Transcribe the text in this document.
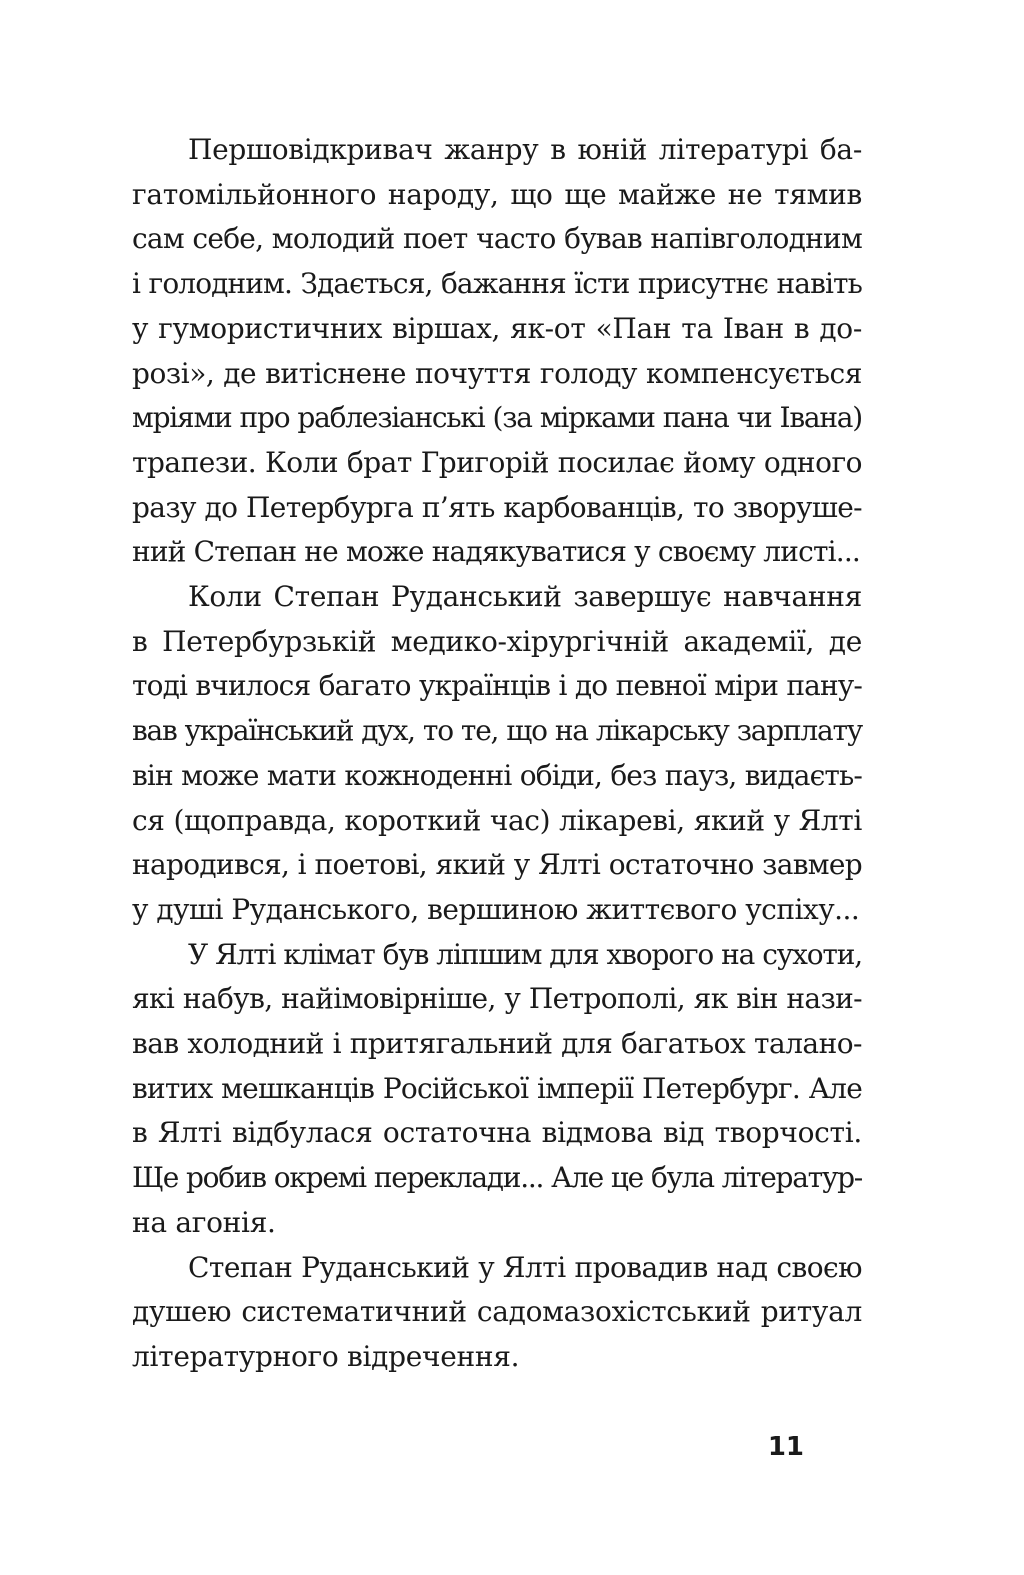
Першовідкривач жанру в юній літературі ба-
гатомільйонного народу, що ще майже не тямив
сам себе, молодий поет часто бував напівголодним
і голодним. Здається, бажання їсти присутнє навіть
у гумористичних віршах, як-от «Пан та Іван в до-
розі», де витіснене почуття голоду компенсується
мріями про раблезіанські (за мірками пана чи Івана)
трапези. Коли брат Григорій посилає йому одного
разу до Петербурга п’ять карбованців, то зворуше-
ний Степан не може надякуватися у своєму листі...
Коли Степан Руданський завершує навчання
в Петербурзькій медико-хірургічній академії, де
тоді вчилося багато українців і до певної міри пану-
вав український дух, то те, що на лікарську зарплату
він може мати кожноденні обіди, без пауз, видаєть-
ся (щоправда, короткий час) лікареві, який у Ялті
народився, і поетові, який у Ялті остаточно завмер
у душі Руданського, вершиною життєвого успіху...
У Ялті клімат був ліпшим для хворого на сухоти,
які набув, найімовірніше, у Петрополі, як він нази-
вав холодний і притягальний для багатьох талано-
витих мешканців Російської імперії Петербург. Але
в Ялті відбулася остаточна відмова від творчості.
Ще робив окремі переклади... Але це була літератур-
на агонія.
Степан Руданський у Ялті провадив над своєю
душею систематичний садомазохістський ритуал
літературного відречення.
11
